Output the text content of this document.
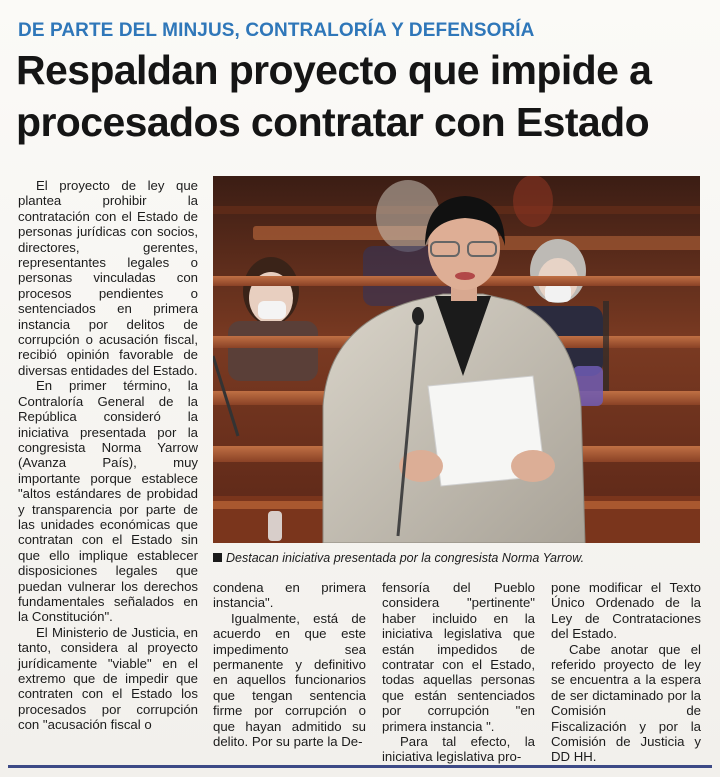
DE PARTE DEL MINJUS, CONTRALORÍA Y DEFENSORÍA
Respaldan proyecto que impide a
procesados contratar con Estado

El proyecto de ley que plantea prohibir la contratación con el Estado de personas jurídicas con socios, directores, gerentes, representantes legales o personas vinculadas con procesos pendientes o sentenciados en primera instancia por delitos de corrupción o acusación fiscal, recibió opinión favorable de diversas entidades del Estado.

En primer término, la Contraloría General de la República consideró la iniciativa presentada por la congresista Norma Yarrow (Avanza País), muy importante porque establece "altos estándares de probidad y transparencia por parte de las unidades económicas que contratan con el Estado sin que ello implique establecer disposiciones legales que puedan vulnerar los derechos fundamentales señalados en la Constitución".

El Ministerio de Justicia, en tanto, considera al proyecto jurídicamente "viable" en el extremo que de impedir que contraten con el Estado los procesados por corrupción con "acusación fiscal o

Destacan iniciativa presentada por la congresista Norma Yarrow.

condena en primera instancia".

Igualmente, está de acuerdo en que este impedimento sea permanente y definitivo en aquellos funcionarios que tengan sentencia firme por corrupción o que hayan admitido su delito. Por su parte la De-

fensoría del Pueblo considera "pertinente" haber incluido en la iniciativa legislativa que están impedidos de contratar con el Estado, todas aquellas personas que están sentenciados por corrupción "en primera instancia ".

Para tal efecto, la iniciativa legislativa pro-

pone modificar el Texto Único Ordenado de la Ley de Contrataciones del Estado.

Cabe anotar que el referido proyecto de ley se encuentra a la espera de ser dictaminado por la Comisión de Fiscalización y por la Comisión de Justicia y DD HH.
